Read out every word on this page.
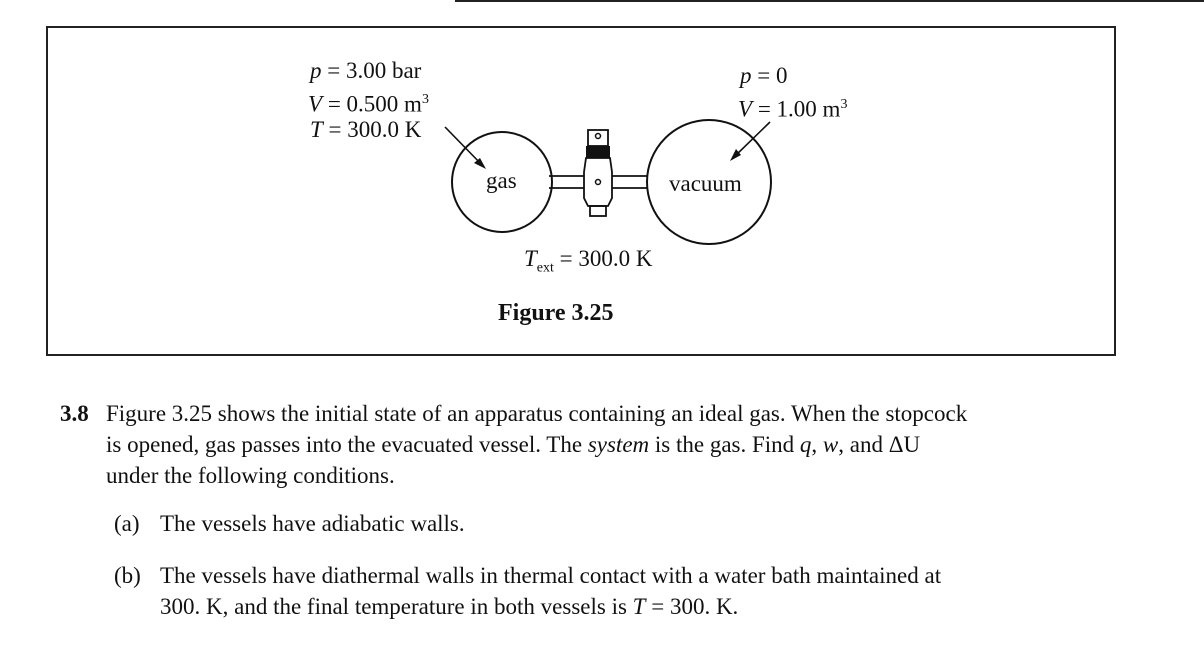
p = 3.00 bar
V = 0.500 $m^3$
T = 300.0 K
p = 0
V = 1.00 $m^3$
gas	vacuum
$T_{ext} = 300.0$ K
Figure 3.25
3.8 Figure 3.25 shows the initial state of an apparatus containing an ideal gas. When the stopcock
is opened, gas passes into the evacuated vessel. The system is the gas. Find q, w, and ΔU
under the following conditions.
(a) The vessels have adiabatic walls.
(b) The vessels have diathermal walls in thermal contact with a water bath maintained at
300. K, and the final temperature in both vessels is T = 300. K.
